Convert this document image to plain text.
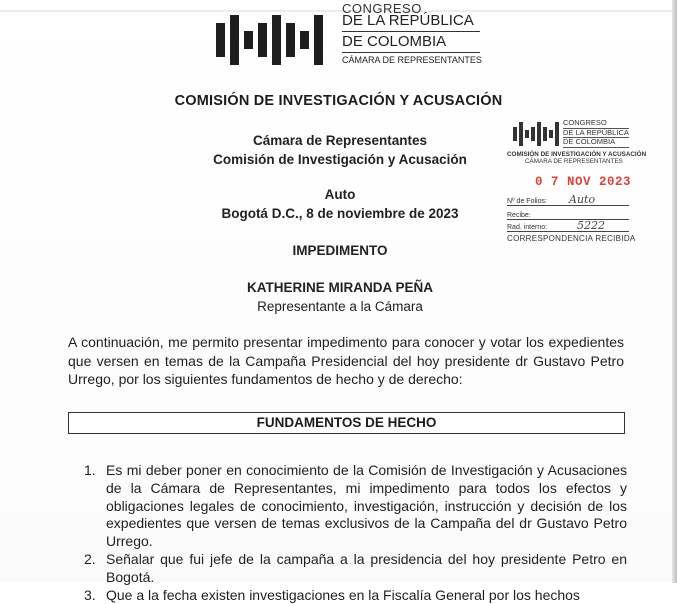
CONGRESO
DE LA REPÚBLICA
DE COLOMBIA
CÁMARA DE REPRESENTANTES
COMISIÓN DE INVESTIGACIÓN Y ACUSACIÓN
Cámara de Representantes
Comisión de Investigación y Acusación
Auto
Bogotá D.C., 8 de noviembre de 2023
IMPEDIMENTO
KATHERINE MIRANDA PEÑA
Representante a la Cámara
CONGRESO
DE LA REPÚBLICA
DE COLOMBIA
COMISIÓN DE INVESTIGACIÓN Y ACUSACIÓN
CÁMARA DE REPRESENTANTES
0 7 NOV 2023
Nº de Folios: Auto
Recibe:
Rad. interno:	5222
CORRESPONDENCIA RECIBIDA
A continuación, me permito presentar impedimento para conocer y votar los expedientes que versen en temas de la Campaña Presidencial del hoy presidente dr Gustavo Petro Urrego, por los siguientes fundamentos de hecho y de derecho:
FUNDAMENTOS DE HECHO
1. Es mi deber poner en conocimiento de la Comisión de Investigación y Acusaciones de la Cámara de Representantes, mi impedimento para todos los efectos y obligaciones legales de conocimiento, investigación, instrucción y decisión de los expedientes que versen de temas exclusivos de la Campaña del dr Gustavo Petro Urrego.
2. Señalar que fui jefe de la campaña a la presidencia del hoy presidente Petro en Bogotá.
3. Que a la fecha existen investigaciones en la Fiscalía General por los hechos
